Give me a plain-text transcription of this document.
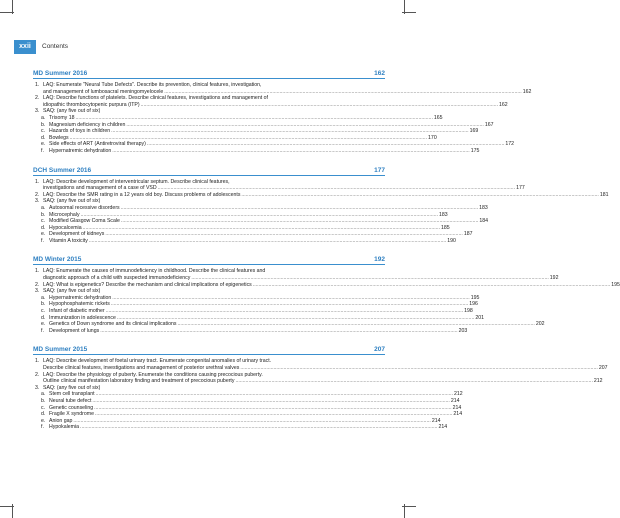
xxii	Contents
MD Summer 2016	162
1. LAQ: Enumerate "Neural Tube Defects". Describe its prevention, clinical features, investigation,
and management of lumbosacral meningomyelocele .....	162
2. LAQ: Describe functions of platelets. Describe clinical features, investigations and management of
idiopathic thrombocytopenic purpura (ITP) .....	162
3. SAQ: (any five out of six)
a. Trisomy 18 .....	165
b. Magnesium deficiency in children .....	167
c. Hazards of toys in children .....	169
d. Bowlegs .....	170
e. Side effects of ART (Antiretroviral therapy) .....	172
f. Hypernatremic dehydration .....	175
DCH Summer 2016	177
1. LAQ: Describe development of interventricular septum. Describe clinical features,
investigations and management of a case of VSD .....	177
2. LAQ: Describe the SMR rating in a 12 years old boy. Discuss problems of adolescents .....	181
3. SAQ: (any five out of six)
a. Autosomal recessive disorders .....	183
b. Microcephaly .....	183
c. Modified Glasgow Coma Scale .....	184
d. Hypocalcemia .....	185
e. Development of kidneys .....	187
f. Vitamin A toxicity .....	190
MD Winter 2015	192
1. LAQ: Enumerate the causes of immunodeficiency in childhood. Describe the clinical features and
diagnostic approach of a child with suspected immunodeficiency .....	192
2. LAQ: What is epigenetics? Describe the mechanism and clinical implications of epigenetics .....	195
3. SAQ: (any five out of six)
a. Hypernatremic dehydration .....	195
b. Hypophosphatemic rickets .....	196
c. Infant of diabetic mother .....	198
d. Immunization in adolescence .....	201
e. Genetics of Down syndrome and its clinical implications .....	202
f. Development of lungs .....	203
MD Summer 2015	207
1. LAQ: Describe development of foetal urinary tract. Enumerate congenital anomalies of urinary tract.
Describe clinical features, investigations and management of posterior urethral valves .....	207
2. LAQ: Describe the physiology of puberty. Enumerate the conditions causing precocious puberty.
Outline clinical manifestation laboratory finding and treatment of precocious puberty .....	212
3. SAQ: (any five out of six)
a. Stem cell transplant .....	212
b. Neural tube defect .....	214
c. Genetic counseling .....	214
d. Fragile X syndrome .....	214
e. Anion gap .....	214
f. Hypokalemia .....	214
